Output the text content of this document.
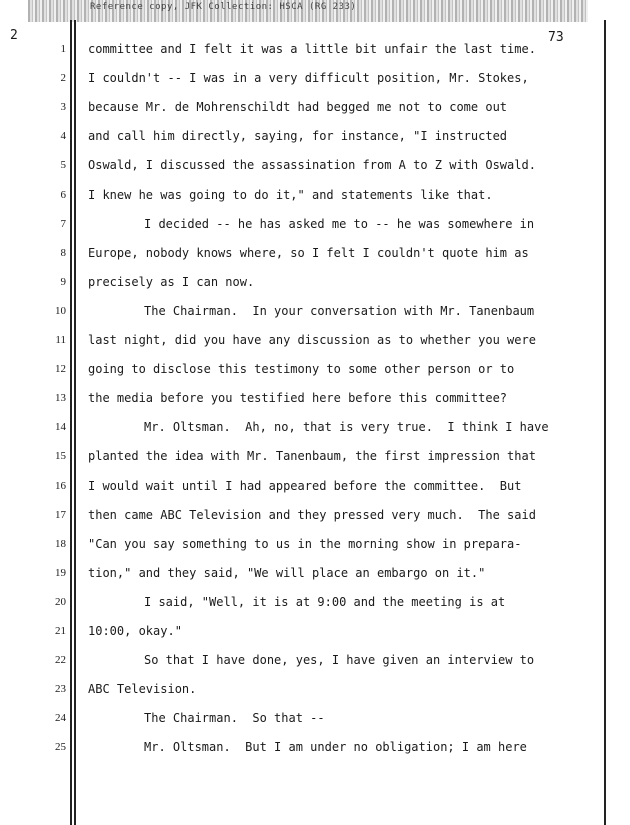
Reference copy, JFK Collection: HSCA (RG 233)
2	73
1 committee and I felt it was a little bit unfair the last time.
2 I couldn't -- I was in a very difficult position, Mr. Stokes,
3 because Mr. de Mohrenschildt had begged me not to come out
4 and call him directly, saying, for instance, "I instructed
5 Oswald, I discussed the assassination from A to Z with Oswald.
6 I knew he was going to do it," and statements like that.
7	I decided -- he has asked me to -- he was somewhere in
8 Europe, nobody knows where, so I felt I couldn't quote him as
9 precisely as I can now.
10	The Chairman.  In your conversation with Mr. Tanenbaum
11 last night, did you have any discussion as to whether you were
12 going to disclose this testimony to some other person or to
13 the media before you testified here before this committee?
14	Mr. Oltsman.  Ah, no, that is very true.  I think I have
15 planted the idea with Mr. Tanenbaum, the first impression that
16 I would wait until I had appeared before the committee.  But
17 then came ABC Television and they pressed very much.  The said
18 "Can you say something to us in the morning show in prepara-
19 tion," and they said, "We will place an embargo on it."
20	I said, "Well, it is at 9:00 and the meeting is at
21 10:00, okay."
22	So that I have done, yes, I have given an interview to
23 ABC Television.
24	The Chairman.  So that --
25	Mr. Oltsman.  But I am under no obligation; I am here
